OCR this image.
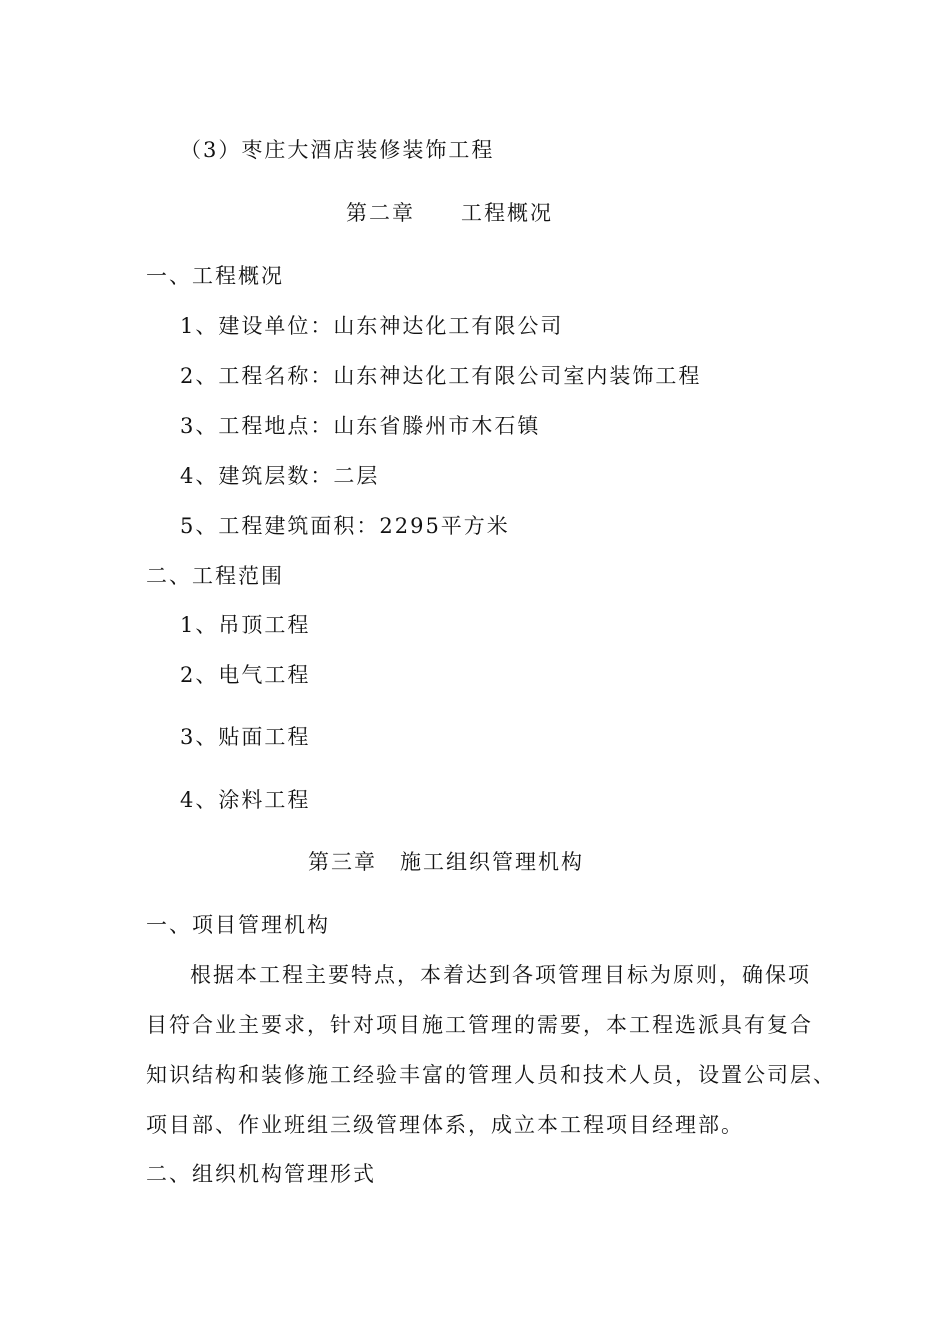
（3）枣庄大酒店装修装饰工程
第二章　　工程概况
一、工程概况
1、建设单位：山东神达化工有限公司
2、工程名称：山东神达化工有限公司室内装饰工程
3、工程地点：山东省滕州市木石镇
4、建筑层数：二层
5、工程建筑面积：2295平方米
二、工程范围
1、吊顶工程
2、电气工程
3、贴面工程
4、涂料工程
第三章　施工组织管理机构
一、项目管理机构
根据本工程主要特点，本着达到各项管理目标为原则，确保项
目符合业主要求，针对项目施工管理的需要，本工程选派具有复合
知识结构和装修施工经验丰富的管理人员和技术人员，设置公司层、
项目部、作业班组三级管理体系，成立本工程项目经理部。
二、组织机构管理形式
